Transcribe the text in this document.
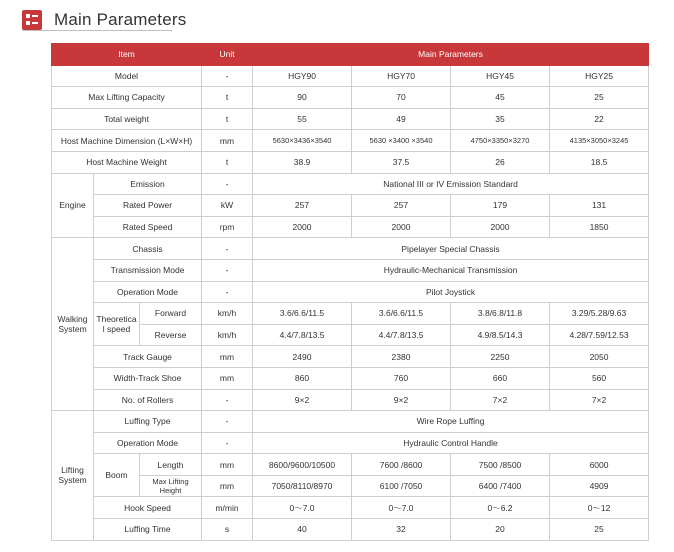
Main Parameters
Item			Unit	Main Parameters			
Model			-	HGY90	HGY70	HGY45	HGY25
Max Lifting Capacity			t	90	70	45	25
Total weight			t	55	49	35	22
Host Machine Dimension (L×W×H)			mm	5630×3436×3540	5630 ×3400 ×3540	4750×3350×3270	4135×3050×3245
Host Machine Weight			t	38.9	37.5	26	18.5
Engine	Emission		-	National III or IV Emission Standard			
	Rated Power		kW	257	257	179	131
	Rated Speed		rpm	2000	2000	2000	1850
Walking System	Chassis		-	Pipelayer Special Chassis			
	Transmission Mode		-	Hydraulic-Mechanical Transmission			
	Operation Mode		-	Pilot Joystick			
	Theoretical speed	Forward	km/h	3.6/6.6/11.5	3.6/6.6/11.5	3.8/6.8/11.8	3.29/5.28/9.63
		Reverse	km/h	4.4/7.8/13.5	4.4/7.8/13.5	4.9/8.5/14.3	4.28/7.59/12.53
	Track Gauge		mm	2490	2380	2250	2050
	Width-Track Shoe		mm	860	760	660	560
	No. of Rollers		-	9×2	9×2	7×2	7×2
Lifting System	Luffing Type		-	Wire Rope Luffing			
	Operation Mode		-	Hydraulic Control Handle			
	Boom	Length	mm	8600/9600/10500	7600 /8600	7500 /8500	6000
		Max Lifting Height	mm	7050/8110/8970	6100 /7050	6400 /7400	4909
	Hook Speed		m/min	0～7.0	0～7.0	0～6.2	0～12
	Luffing Time		s	40	32	20	25
